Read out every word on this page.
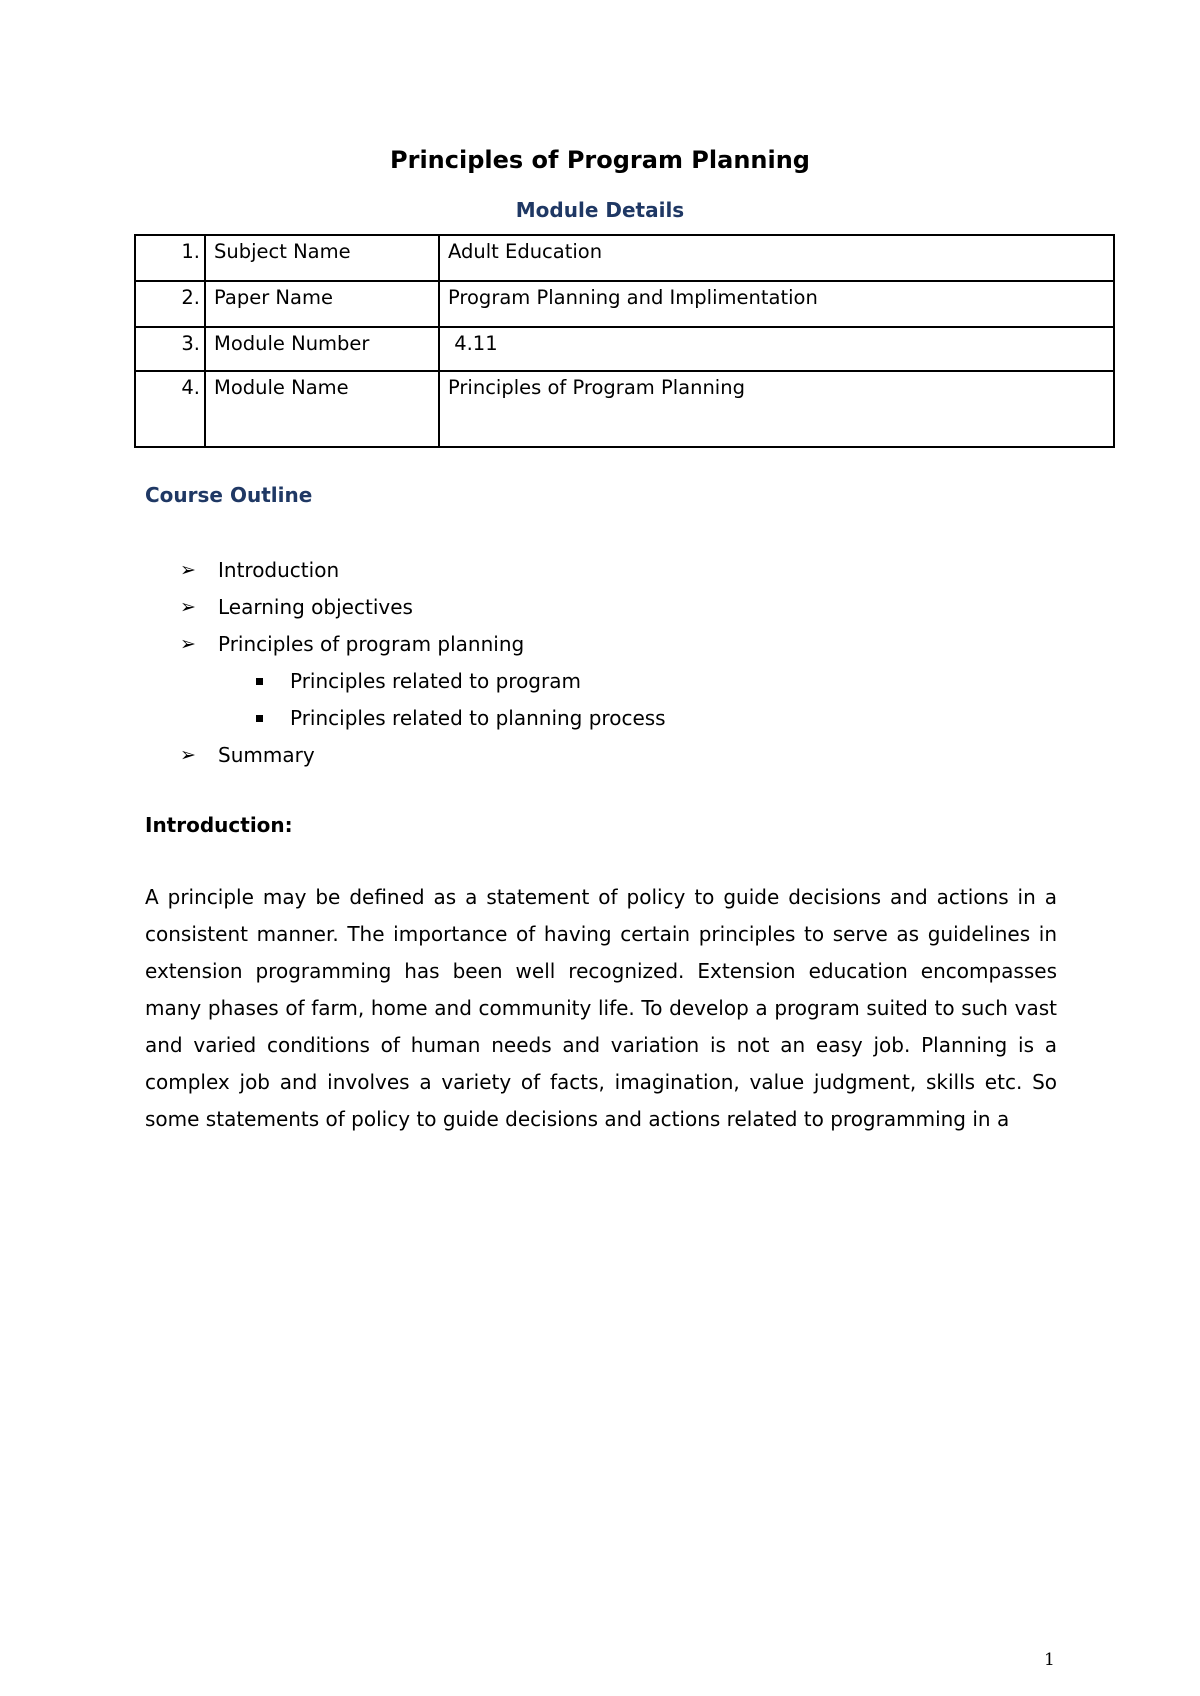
Principles of Program Planning
Module Details
1.	Subject Name	Adult Education
2.	Paper Name	Program Planning and Implimentation
3.	Module Number	4.11
4.	Module Name	Principles of Program Planning
Course Outline
➢ Introduction
➢ Learning objectives
➢ Principles of program planning
Principles related to program
Principles related to planning process
➢ Summary
Introduction:

A principle may be defined as a statement of policy to guide decisions and actions in a consistent manner. The importance of having certain principles to serve as guidelines in extension programming has been well recognized. Extension education encompasses many phases of farm, home and community life. To develop a program suited to such vast and varied conditions of human needs and variation is not an easy job. Planning is a complex job and involves a variety of facts, imagination, value judgment, skills etc. So some statements of policy to guide decisions and actions related to programming in a

1
